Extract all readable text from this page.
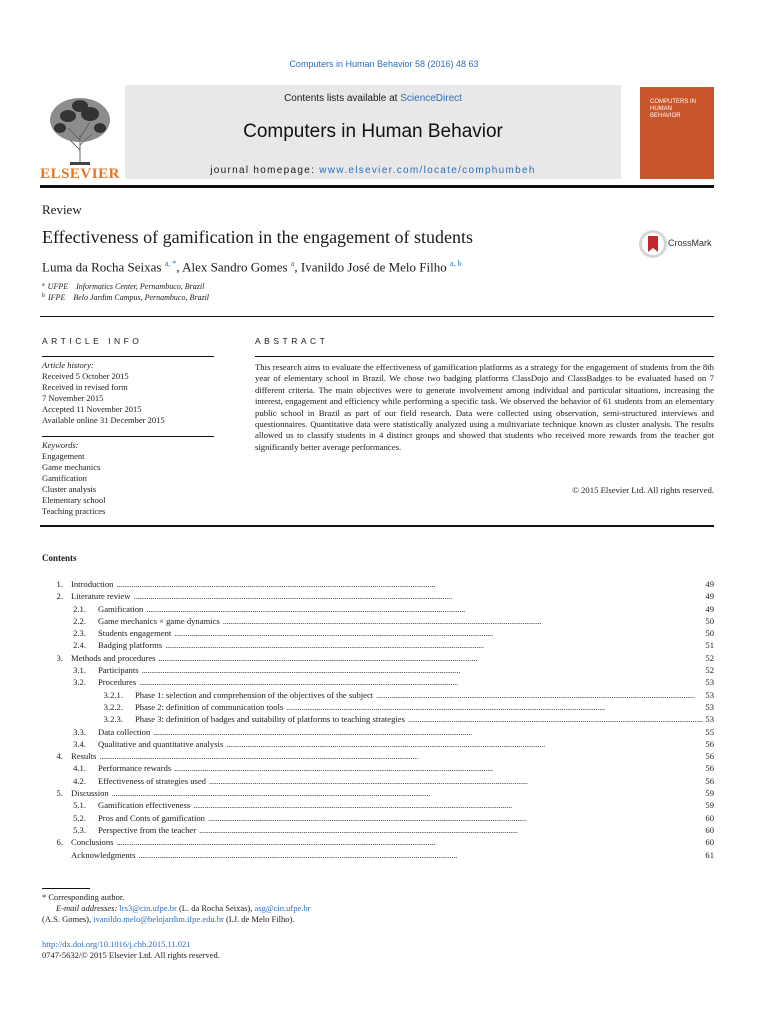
Computers in Human Behavior 58 (2016) 48 63
ELSEVIER
Contents lists available at ScienceDirect
Computers in Human Behavior
journal homepage: www.elsevier.com/locate/comphumbeh
COMPUTERS IN HUMAN BEHAVIOR
Review
Effectiveness of gamification in the engagement of students	CrossMark
Luma da Rocha Seixas $^{a, *}$, Alex Sandro Gomes $^a$, Ivanildo José de Melo Filho $^{a, b}$
$^a$ UFPE    Informatics Center, Pernambuco, Brazil
$^b$ IFPE    Belo Jardim Campus, Pernambuco, Brazil
ARTICLE INFO
Article history:
Received 5 October 2015
Received in revised form
7 November 2015
Accepted 11 November 2015
Available online 31 December 2015
Keywords:
Engagement
Game mechanics
Gamification
Cluster analysis
Elementary school
Teaching practices
ABSTRACT
This research aims to evaluate the effectiveness of gamification platforms as a strategy for the engagement of students from the 8th year of elementary school in Brazil. We chose two badging platforms ClassDojo and ClassBadges to be evaluated based on 7 different criteria. The main objectives were to generate involvement among individual and particular situations, increasing the interest, engagement and efficiency while performing a specific task. We observed the behavior of 61 students from an elementary public school in Brazil as part of our field research. Data were collected using observation, semi-structured interviews and questionnaires. Quantitative data were statistically analyzed using a multivariate technique known as cluster analysis. The results allowed us to classify students in 4 distinct groups and showed that students who received more rewards from the teacher got significantly better average performances.
© 2015 Elsevier Ltd. All rights reserved.
Contents
1. Introduction . . .	49
2. Literature review . . .	49
2.1. Gamification . . .	49
2.2. Game mechanics × game dynamics . . .	50
2.3. Students engagement . . .	50
2.4. Badging platforms . . .	51
3. Methods and procedures . . .	52
3.1. Participants . . .	52
3.2. Procedures . . .	53
3.2.1. Phase 1: selection and comprehension of the objectives of the subject . . .	53
3.2.2. Phase 2: definition of communication tools . . .	53
3.2.3. Phase 3: definition of badges and suitability of platforms to teaching strategies . . .	53
3.3. Data collection . . .	55
3.4. Qualitative and quantitative analysis . . .	56
4. Results . . .	56
4.1. Performance rewards . . .	56
4.2. Effectiveness of strategies used . . .	56
5. Discussion . . .	59
5.1. Gamification effectiveness . . .	59
5.2. Pros and Conts of gamification . . .	60
5.3. Perspective from the teacher . . .	60
6. Conclusions . . .	60
Acknowledgments . . .	61
* Corresponding author.
E-mail addresses: lrs3@cin.ufpe.br (L. da Rocha Seixas), asg@cin.ufpe.br
(A.S. Gomes), ivanildo.melo@belojardim.ifpe.edu.br (I.J. de Melo Filho).
http://dx.doi.org/10.1016/j.chb.2015.11.021
0747-5632/© 2015 Elsevier Ltd. All rights reserved.
